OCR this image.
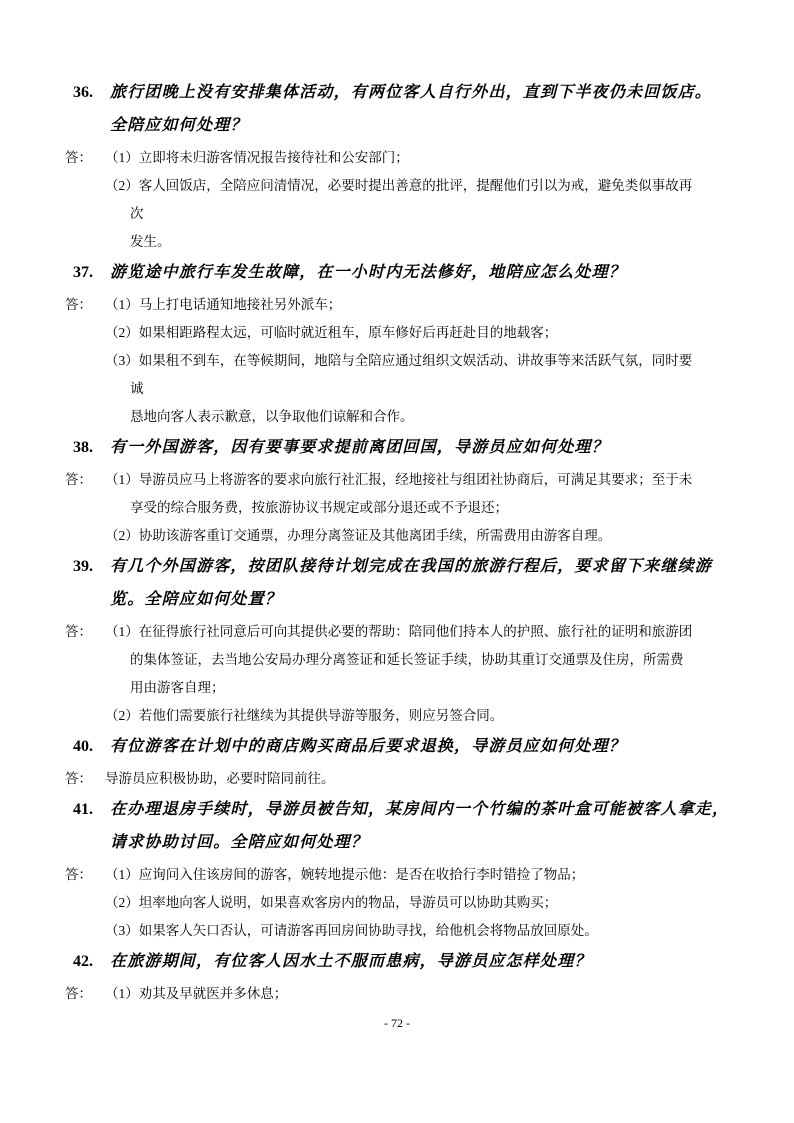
36. 旅行团晚上没有安排集体活动，有两位客人自行外出，直到下半夜仍未回饭店。
全陪应如何处理？
答： （1）立即将未归游客情况报告接待社和公安部门；
（2）客人回饭店，全陪应问清情况，必要时提出善意的批评，提醒他们引以为戒，避免类似事故再
次
发生。
37. 游览途中旅行车发生故障，在一小时内无法修好，地陪应怎么处理？
答： （1）马上打电话通知地接社另外派车；
（2）如果相距路程太远，可临时就近租车，原车修好后再赶赴目的地载客；
（3）如果租不到车，在等候期间，地陪与全陪应通过组织文娱活动、讲故事等来活跃气氛，同时要
诚
恳地向客人表示歉意，以争取他们谅解和合作。
38. 有一外国游客，因有要事要求提前离团回国，导游员应如何处理？
答： （1）导游员应马上将游客的要求向旅行社汇报，经地接社与组团社协商后，可满足其要求；至于未
享受的综合服务费，按旅游协议书规定或部分退还或不予退还；
（2）协助该游客重订交通票，办理分离签证及其他离团手续，所需费用由游客自理。
39. 有几个外国游客，按团队接待计划完成在我国的旅游行程后，要求留下来继续游
览。全陪应如何处置？
答： （1）在征得旅行社同意后可向其提供必要的帮助：陪同他们持本人的护照、旅行社的证明和旅游团
的集体签证，去当地公安局办理分离签证和延长签证手续，协助其重订交通票及住房，所需费
用由游客自理；
（2）若他们需要旅行社继续为其提供导游等服务，则应另签合同。
40. 有位游客在计划中的商店购买商品后要求退换，导游员应如何处理？
答： 导游员应积极协助，必要时陪同前往。
41. 在办理退房手续时，导游员被告知，某房间内一个竹编的茶叶盒可能被客人拿走，
请求协助讨回。全陪应如何处理？
答： （1）应询问入住该房间的游客，婉转地提示他：是否在收拾行李时错捡了物品；
（2）坦率地向客人说明，如果喜欢客房内的物品，导游员可以协助其购买；
（3）如果客人矢口否认，可请游客再回房间协助寻找，给他机会将物品放回原处。
42. 在旅游期间，有位客人因水土不服而患病，导游员应怎样处理？
答： （1）劝其及早就医并多休息；
- 72 -
